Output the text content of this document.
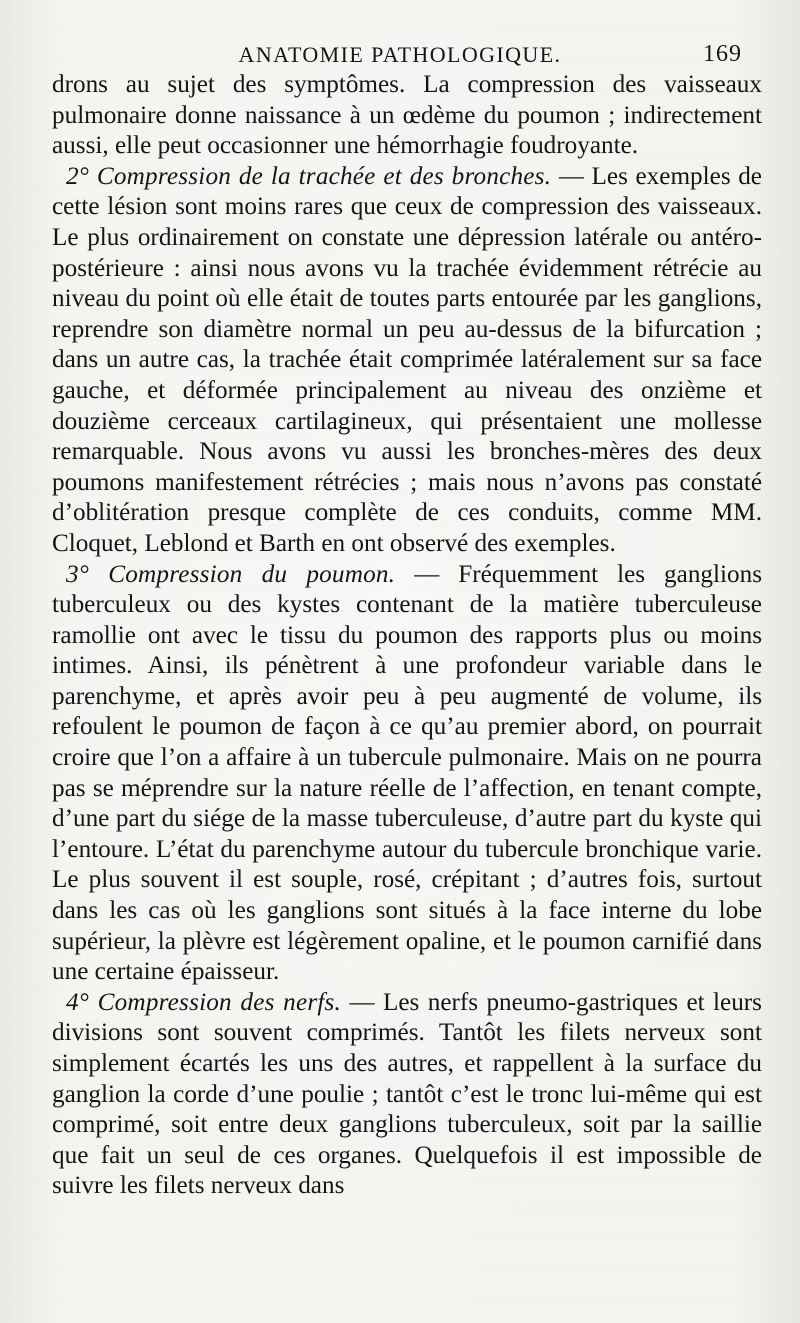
ANATOMIE PATHOLOGIQUE.	169

drons au sujet des symptômes. La compression des vaisseaux pulmonaire donne naissance à un œdème du poumon ; indirectement aussi, elle peut occasionner une hémorrhagie foudroyante.

2° Compression de la trachée et des bronches. — Les exemples de cette lésion sont moins rares que ceux de compression des vaisseaux. Le plus ordinairement on constate une dépression latérale ou antéro-postérieure : ainsi nous avons vu la trachée évidemment rétrécie au niveau du point où elle était de toutes parts entourée par les ganglions, reprendre son diamètre normal un peu au-dessus de la bifurcation ; dans un autre cas, la trachée était comprimée latéralement sur sa face gauche, et déformée principalement au niveau des onzième et douzième cerceaux cartilagineux, qui présentaient une mollesse remarquable. Nous avons vu aussi les bronches-mères des deux poumons manifestement rétrécies ; mais nous n’avons pas constaté d’oblitération presque complète de ces conduits, comme MM. Cloquet, Leblond et Barth en ont observé des exemples.

3° Compression du poumon. — Fréquemment les ganglions tuberculeux ou des kystes contenant de la matière tuberculeuse ramollie ont avec le tissu du poumon des rapports plus ou moins intimes. Ainsi, ils pénètrent à une profondeur variable dans le parenchyme, et après avoir peu à peu augmenté de volume, ils refoulent le poumon de façon à ce qu’au premier abord, on pourrait croire que l’on a affaire à un tubercule pulmonaire. Mais on ne pourra pas se méprendre sur la nature réelle de l’affection, en tenant compte, d’une part du siége de la masse tuberculeuse, d’autre part du kyste qui l’entoure. L’état du parenchyme autour du tubercule bronchique varie. Le plus souvent il est souple, rosé, crépitant ; d’autres fois, surtout dans les cas où les ganglions sont situés à la face interne du lobe supérieur, la plèvre est légèrement opaline, et le poumon carnifié dans une certaine épaisseur.

4° Compression des nerfs. — Les nerfs pneumo-gastriques et leurs divisions sont souvent comprimés. Tantôt les filets nerveux sont simplement écartés les uns des autres, et rappellent à la surface du ganglion la corde d’une poulie ; tantôt c’est le tronc lui-même qui est comprimé, soit entre deux ganglions tuberculeux, soit par la saillie que fait un seul de ces organes. Quelquefois il est impossible de suivre les filets nerveux dans
